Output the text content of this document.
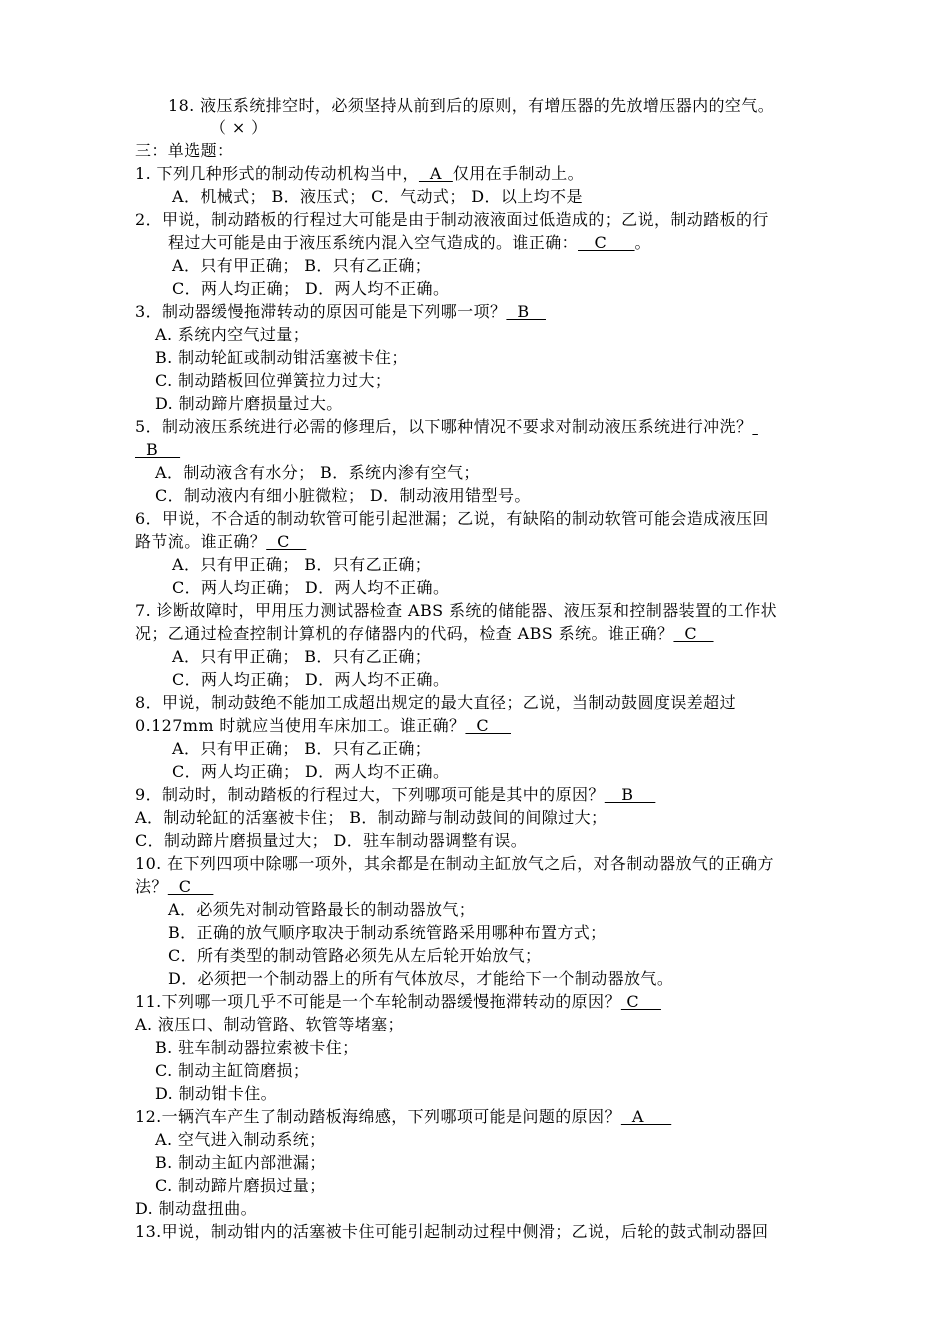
18. 液压系统排空时，必须坚持从前到后的原则，有增压器的先放增压器内的空气。
（ × ）
三：单选题：
1. 下列几种形式的制动传动机构当中，  A  仅用在手制动上。
A．机械式； B．液压式； C．气动式； D．以上均不是
2．甲说，制动踏板的行程过大可能是由于制动液液面过低造成的；乙说，制动踏板的行
程过大可能是由于液压系统内混入空气造成的。谁正确：   C     。
A．只有甲正确； B．只有乙正确；
C．两人均正确； D．两人均不正确。
3．制动器缓慢拖滞转动的原因可能是下列哪一项？  B
A. 系统内空气过量；
B. 制动轮缸或制动钳活塞被卡住；
C. 制动踏板回位弹簧拉力过大；
D. 制动蹄片磨损量过大。
5．制动液压系统进行必需的修理后，以下哪种情况不要求对制动液压系统进行冲洗？
B
A．制动液含有水分； B．系统内渗有空气；
C．制动液内有细小脏微粒； D．制动液用错型号。
6．甲说，不合适的制动软管可能引起泄漏；乙说，有缺陷的制动软管可能会造成液压回
路节流。谁正确？  C
A．只有甲正确； B．只有乙正确；
C．两人均正确； D．两人均不正确。
7. 诊断故障时，甲用压力测试器检查 ABS 系统的储能器、液压泵和控制器装置的工作状
况；乙通过检查控制计算机的存储器内的代码，检查 ABS 系统。谁正确？  C
A．只有甲正确； B．只有乙正确；
C．两人均正确； D．两人均不正确。
8．甲说，制动鼓绝不能加工成超出规定的最大直径；乙说，当制动鼓圆度误差超过
0.127mm 时就应当使用车床加工。谁正确？  C
A．只有甲正确； B．只有乙正确；
C．两人均正确； D．两人均不正确。
9．制动时，制动踏板的行程过大，下列哪项可能是其中的原因？   B
A．制动轮缸的活塞被卡住； B．制动蹄与制动鼓间的间隙过大；
C．制动蹄片磨损量过大； D．驻车制动器调整有误。
10. 在下列四项中除哪一项外，其余都是在制动主缸放气之后，对各制动器放气的正确方
法？  C
A．必须先对制动管路最长的制动器放气；
B．正确的放气顺序取决于制动系统管路采用哪种布置方式；
C．所有类型的制动管路必须先从左后轮开始放气；
D．必须把一个制动器上的所有气体放尽，才能给下一个制动器放气。
11.下列哪一项几乎不可能是一个车轮制动器缓慢拖滞转动的原因？ C
A. 液压口、制动管路、软管等堵塞；
B. 驻车制动器拉索被卡住；
C. 制动主缸筒磨损；
D. 制动钳卡住。
12.一辆汽车产生了制动踏板海绵感，下列哪项可能是问题的原因？  A
A. 空气进入制动系统；
B. 制动主缸内部泄漏；
C. 制动蹄片磨损过量；
D. 制动盘扭曲。
13.甲说，制动钳内的活塞被卡住可能引起制动过程中侧滑；乙说，后轮的鼓式制动器回
